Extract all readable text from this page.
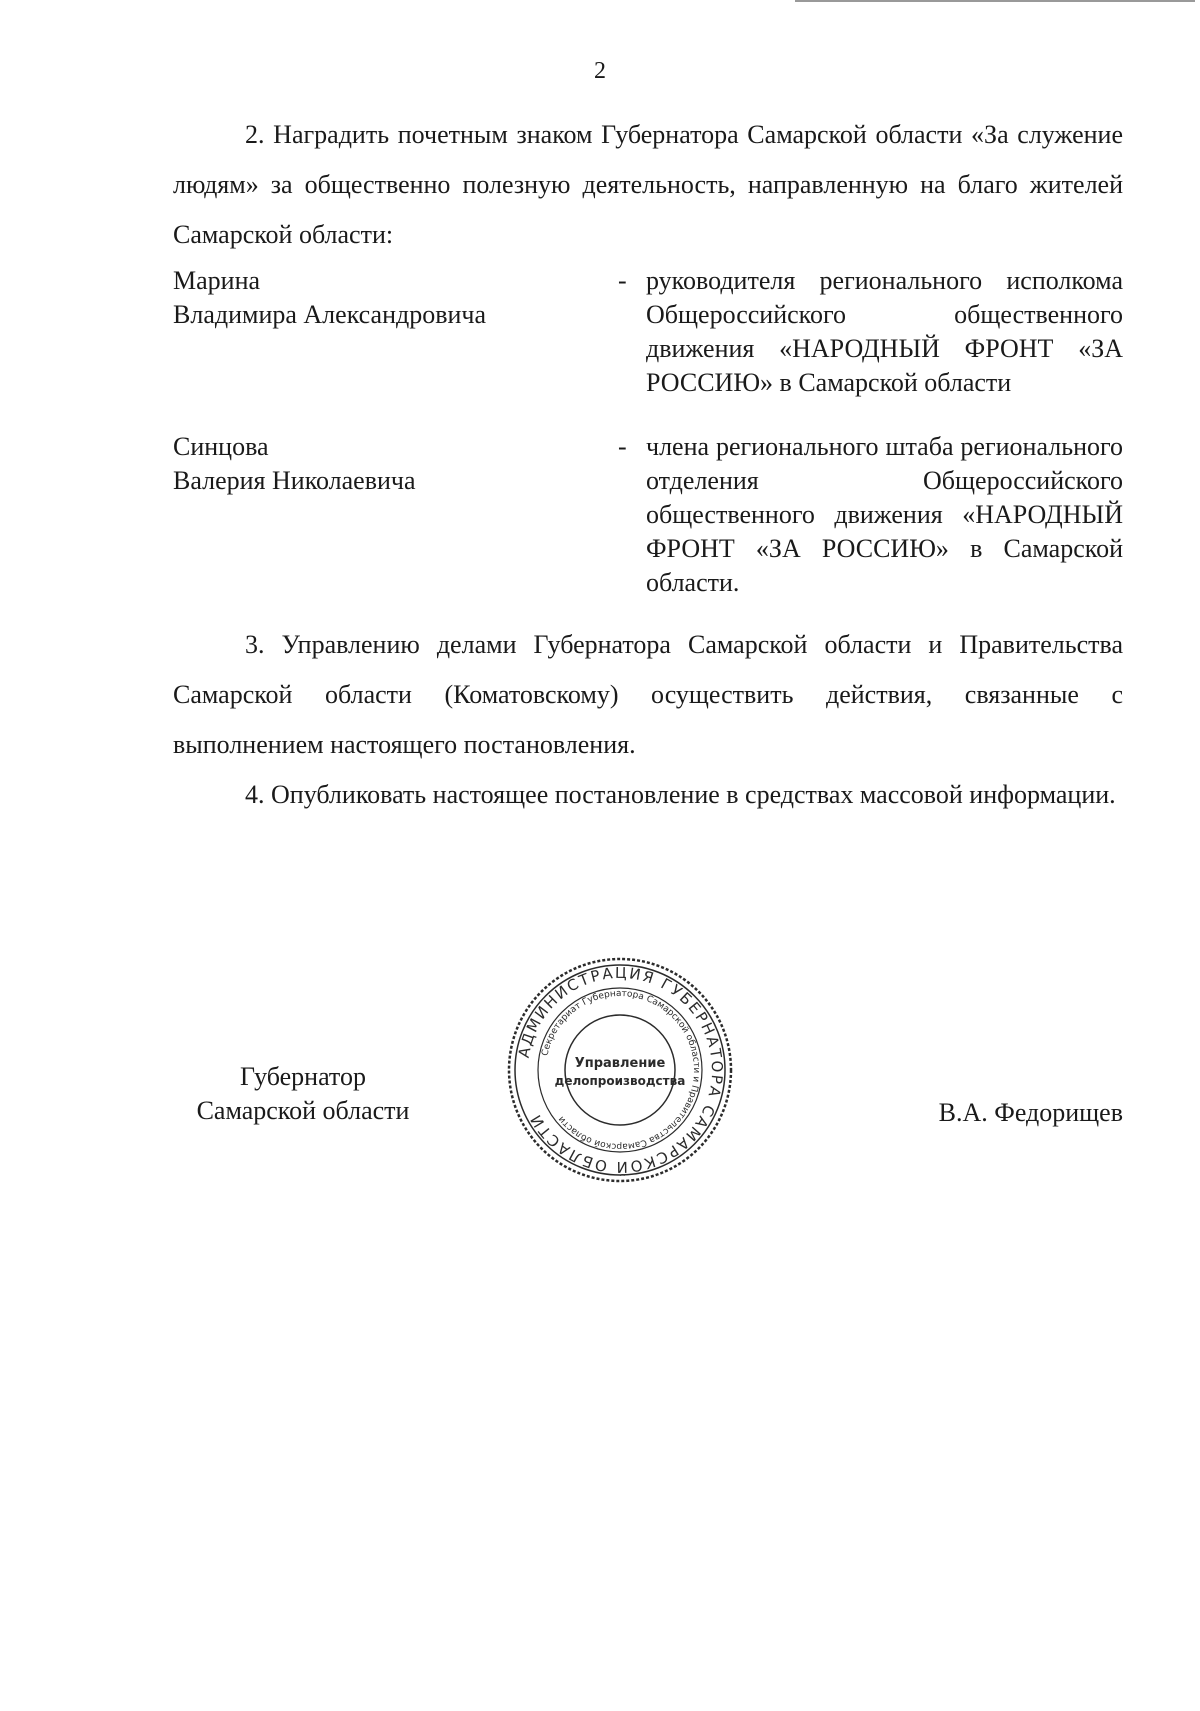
2

2. Наградить почетным знаком Губернатора Самарской области «За служение людям» за общественно полезную деятельность, направленную на благо жителей Самарской области:

Марина
Владимира Александровича
- руководителя регионального исполкома Общероссийского общественного движения «НАРОДНЫЙ ФРОНТ «ЗА РОССИЮ» в Самарской области
Синцова
Валерия Николаевича
- члена регионального штаба регионального отделения Общероссийского общественного движения «НАРОДНЫЙ ФРОНТ «ЗА РОССИЮ» в Самарской области.

3. Управлению делами Губернатора Самарской области и Правительства Самарской области (Коматовскому) осуществить действия, связанные с выполнением настоящего постановления.

4. Опубликовать настоящее постановление в средствах массовой информации.

Губернатор
Самарской области	В.А. Федорищев
АДМИНИСТРАЦИЯ ГУБЕРНАТОРА САМАРСКОЙ ОБЛАСТИ
Секретариат Губернатора Самарской области и Правительства Самарской области
Управление
делопроизводства
